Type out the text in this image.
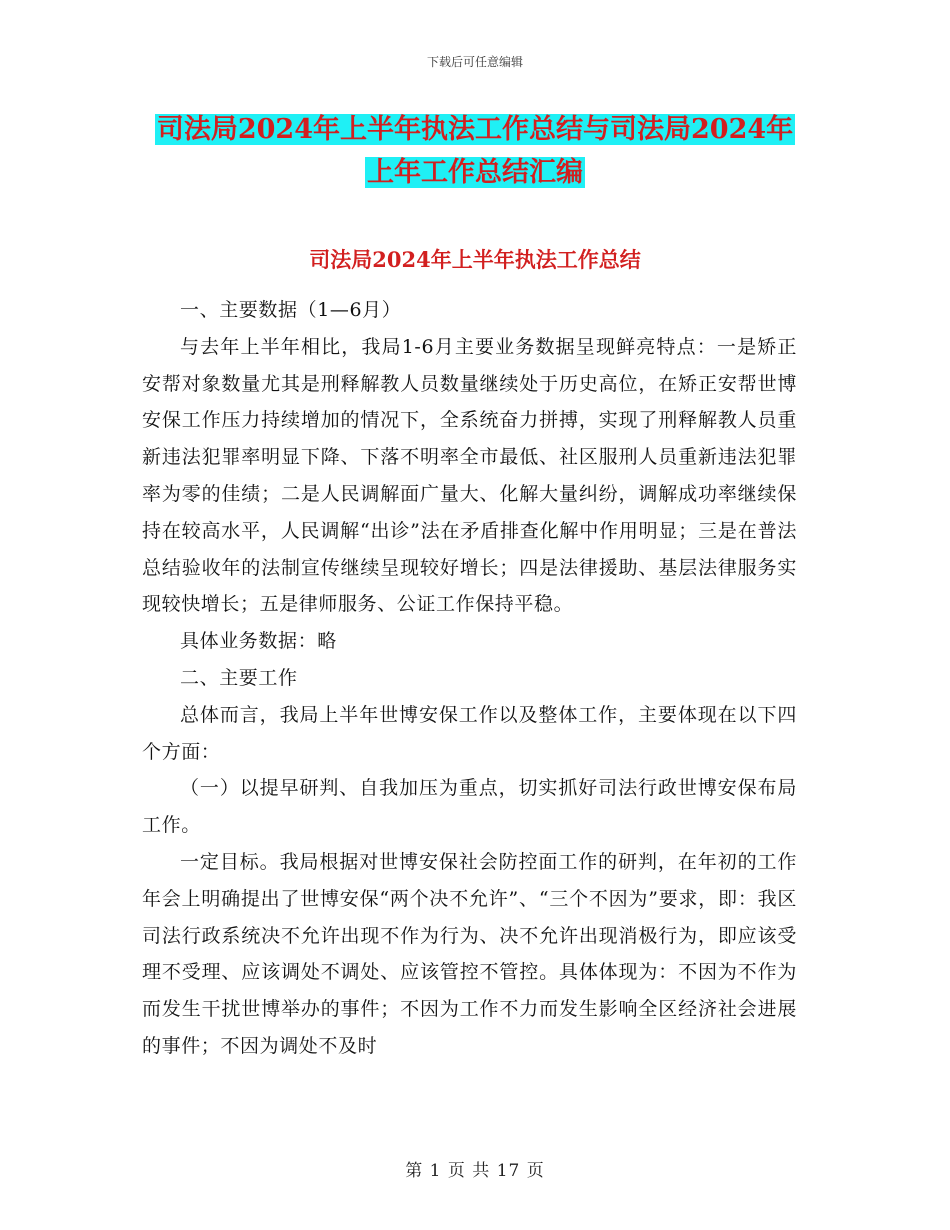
下载后可任意编辑
司法局2024年上半年执法工作总结与司法局2024年
上年工作总结汇编
司法局2024年上半年执法工作总结

一、主要数据（1—6月）

与去年上半年相比，我局1-6月主要业务数据呈现鲜亮特点：一是矫正安帮对象数量尤其是刑释解教人员数量继续处于历史高位，在矫正安帮世博安保工作压力持续增加的情况下，全系统奋力拼搏，实现了刑释解教人员重新违法犯罪率明显下降、下落不明率全市最低、社区服刑人员重新违法犯罪率为零的佳绩；二是人民调解面广量大、化解大量纠纷，调解成功率继续保持在较高水平，人民调解“出诊”法在矛盾排查化解中作用明显；三是在普法总结验收年的法制宣传继续呈现较好增长；四是法律援助、基层法律服务实现较快增长；五是律师服务、公证工作保持平稳。

具体业务数据：略

二、主要工作

总体而言，我局上半年世博安保工作以及整体工作，主要体现在以下四个方面：

（一）以提早研判、自我加压为重点，切实抓好司法行政世博安保布局工作。

一定目标。我局根据对世博安保社会防控面工作的研判，在年初的工作年会上明确提出了世博安保“两个决不允许”、“三个不因为”要求，即：我区司法行政系统决不允许出现不作为行为、决不允许出现消极行为，即应该受理不受理、应该调处不调处、应该管控不管控。具体体现为：不因为不作为而发生干扰世博举办的事件；不因为工作不力而发生影响全区经济社会进展的事件；不因为调处不及时

第 1 页 共 17 页
